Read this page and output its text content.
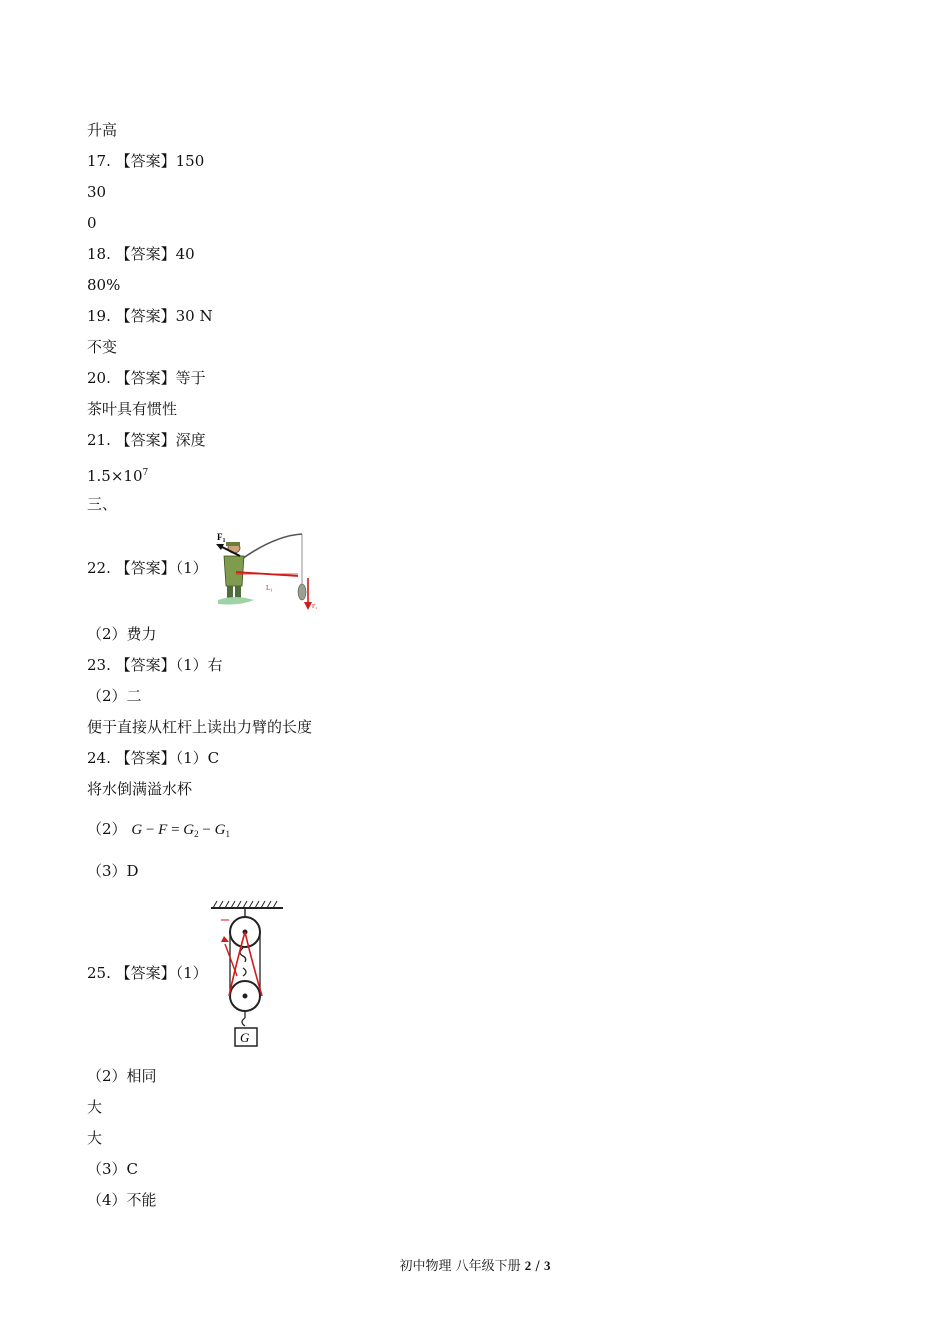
升高
17. 【答案】150
30
0
18. 【答案】40
80%
19. 【答案】30 N
不变
20. 【答案】等于
茶叶具有惯性
21. 【答案】深度
$1.5\times 10^7$
三、
22. 【答案】（1）
$F_1$
L₁
F₂
（2）费力
23. 【答案】（1）右
（2）二
便于直接从杠杆上读出力臂的长度
24. 【答案】（1）C
将水倒满溢水杯
（2） $G - F = G_2 - G_1$
（3）D
25. 【答案】（1）
G
（2）相同
大
大
（3）C
（4）不能
初中物理 八年级下册 2 / 3
